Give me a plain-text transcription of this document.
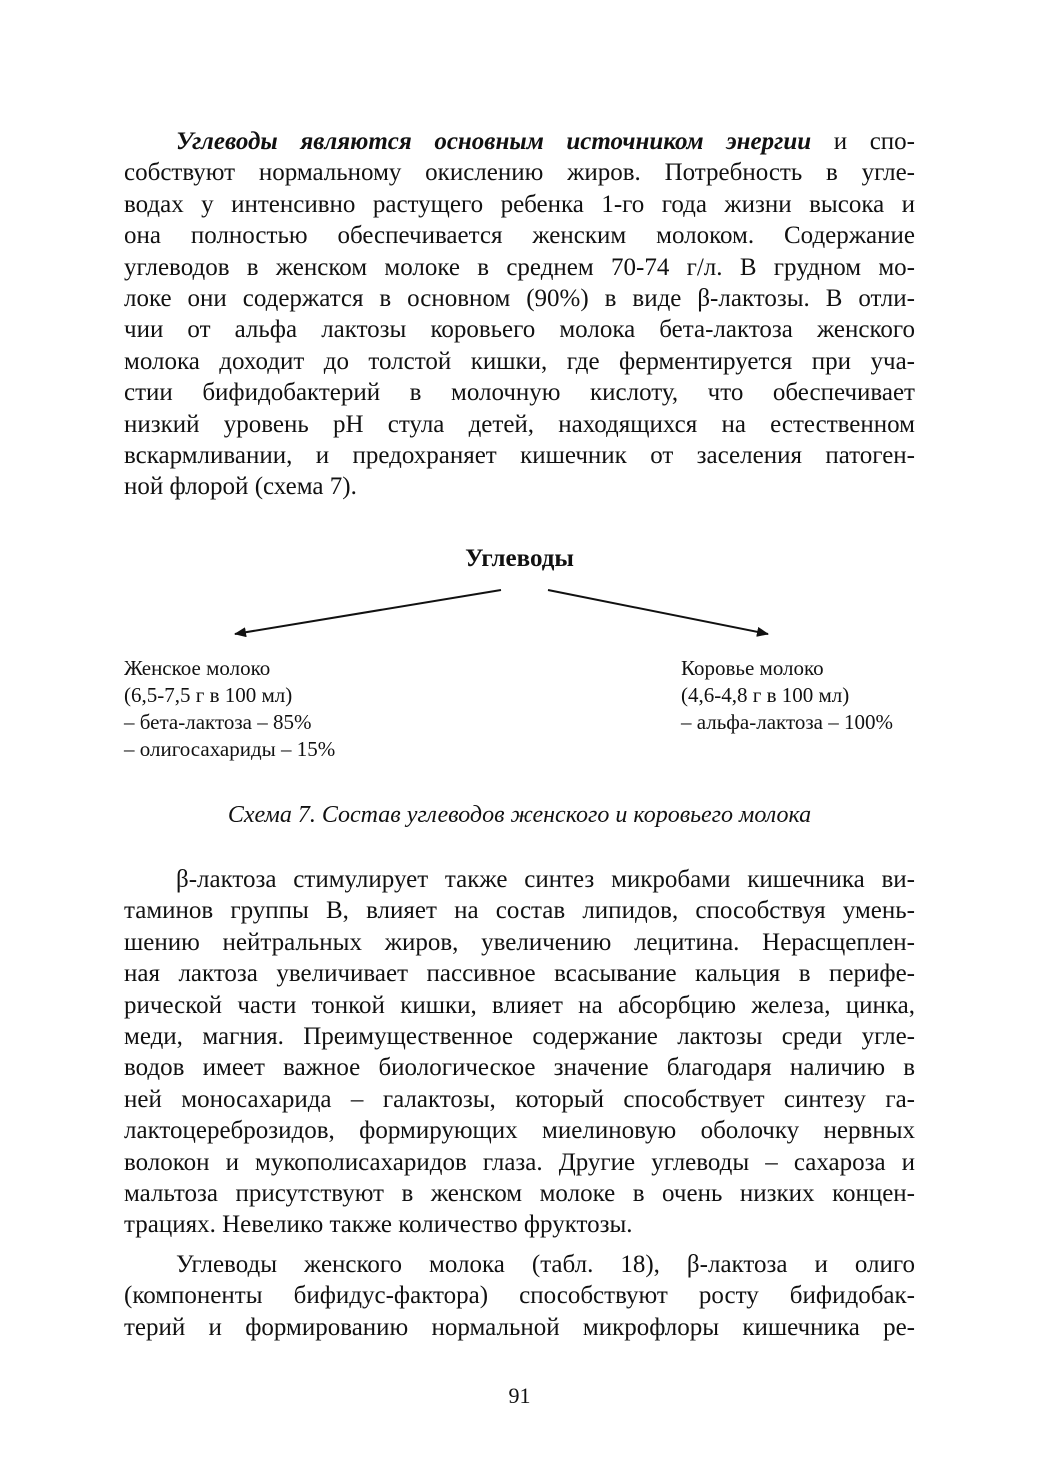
Углеводы являются основным источником энергии и спо-
собствуют нормальному окислению жиров. Потребность в угле-
водах у интенсивно растущего ребенка 1-го года жизни высока и
она полностью обеспечивается женским молоком. Содержание
углеводов в женском молоке в среднем 70-74 г/л. В грудном мо-
локе они содержатся в основном (90%) в виде β-лактозы. В отли-
чии от альфа лактозы коровьего молока бета-лактоза женского
молока доходит до толстой кишки, где ферментируется при уча-
стии бифидобактерий в молочную кислоту, что обеспечивает
низкий уровень pH стула детей, находящихся на естественном
вскармливании, и предохраняет кишечник от заселения патоген-
ной флорой (схема 7).
Углеводы
Женское молоко
(6,5-7,5 г в 100 мл)
– бета-лактоза – 85%
– олигосахариды – 15%
Коровье молоко
(4,6-4,8 г в 100 мл)
– альфа-лактоза – 100%
Схема 7. Состав углеводов женского и коровьего молока
β-лактоза стимулирует также синтез микробами кишечника ви-
таминов группы В, влияет на состав липидов, способствуя умень-
шению нейтральных жиров, увеличению лецитина. Нерасщеплен-
ная лактоза увеличивает пассивное всасывание кальция в перифе-
рической части тонкой кишки, влияет на абсорбцию железа, цинка,
меди, магния. Преимущественное содержание лактозы среди угле-
водов имеет важное биологическое значение благодаря наличию в
ней моносахарида – галактозы, который способствует синтезу га-
лактоцереброзидов, формирующих миелиновую оболочку нервных
волокон и мукополисахаридов глаза. Другие углеводы – сахароза и
мальтоза присутствуют в женском молоке в очень низких концен-
трациях. Невелико также количество фруктозы.
Углеводы женского молока (табл. 18), β-лактоза и олиго
(компоненты бифидус-фактора) способствуют росту бифидобак-
терий и формированию нормальной микрофлоры кишечника ре-
91
